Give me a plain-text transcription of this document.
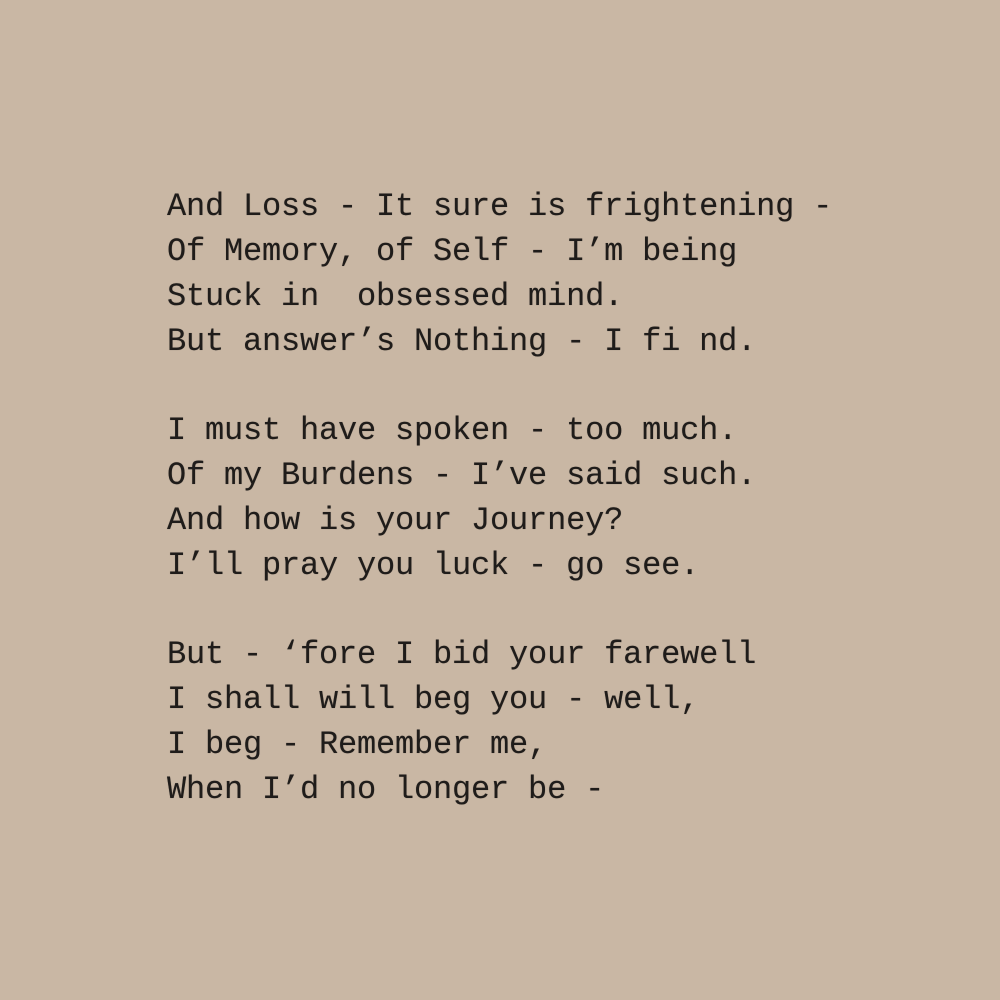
And Loss - It sure is frightening -
Of Memory, of Self - I’m being
Stuck in  obsessed mind.
But answer’s Nothing - I fi nd.
I must have spoken - too much.
Of my Burdens - I’ve said such.
And how is your Journey?
I’ll pray you luck - go see.
But - ‘fore I bid your farewell
I shall will beg you - well,
I beg - Remember me,
When I’d no longer be -
